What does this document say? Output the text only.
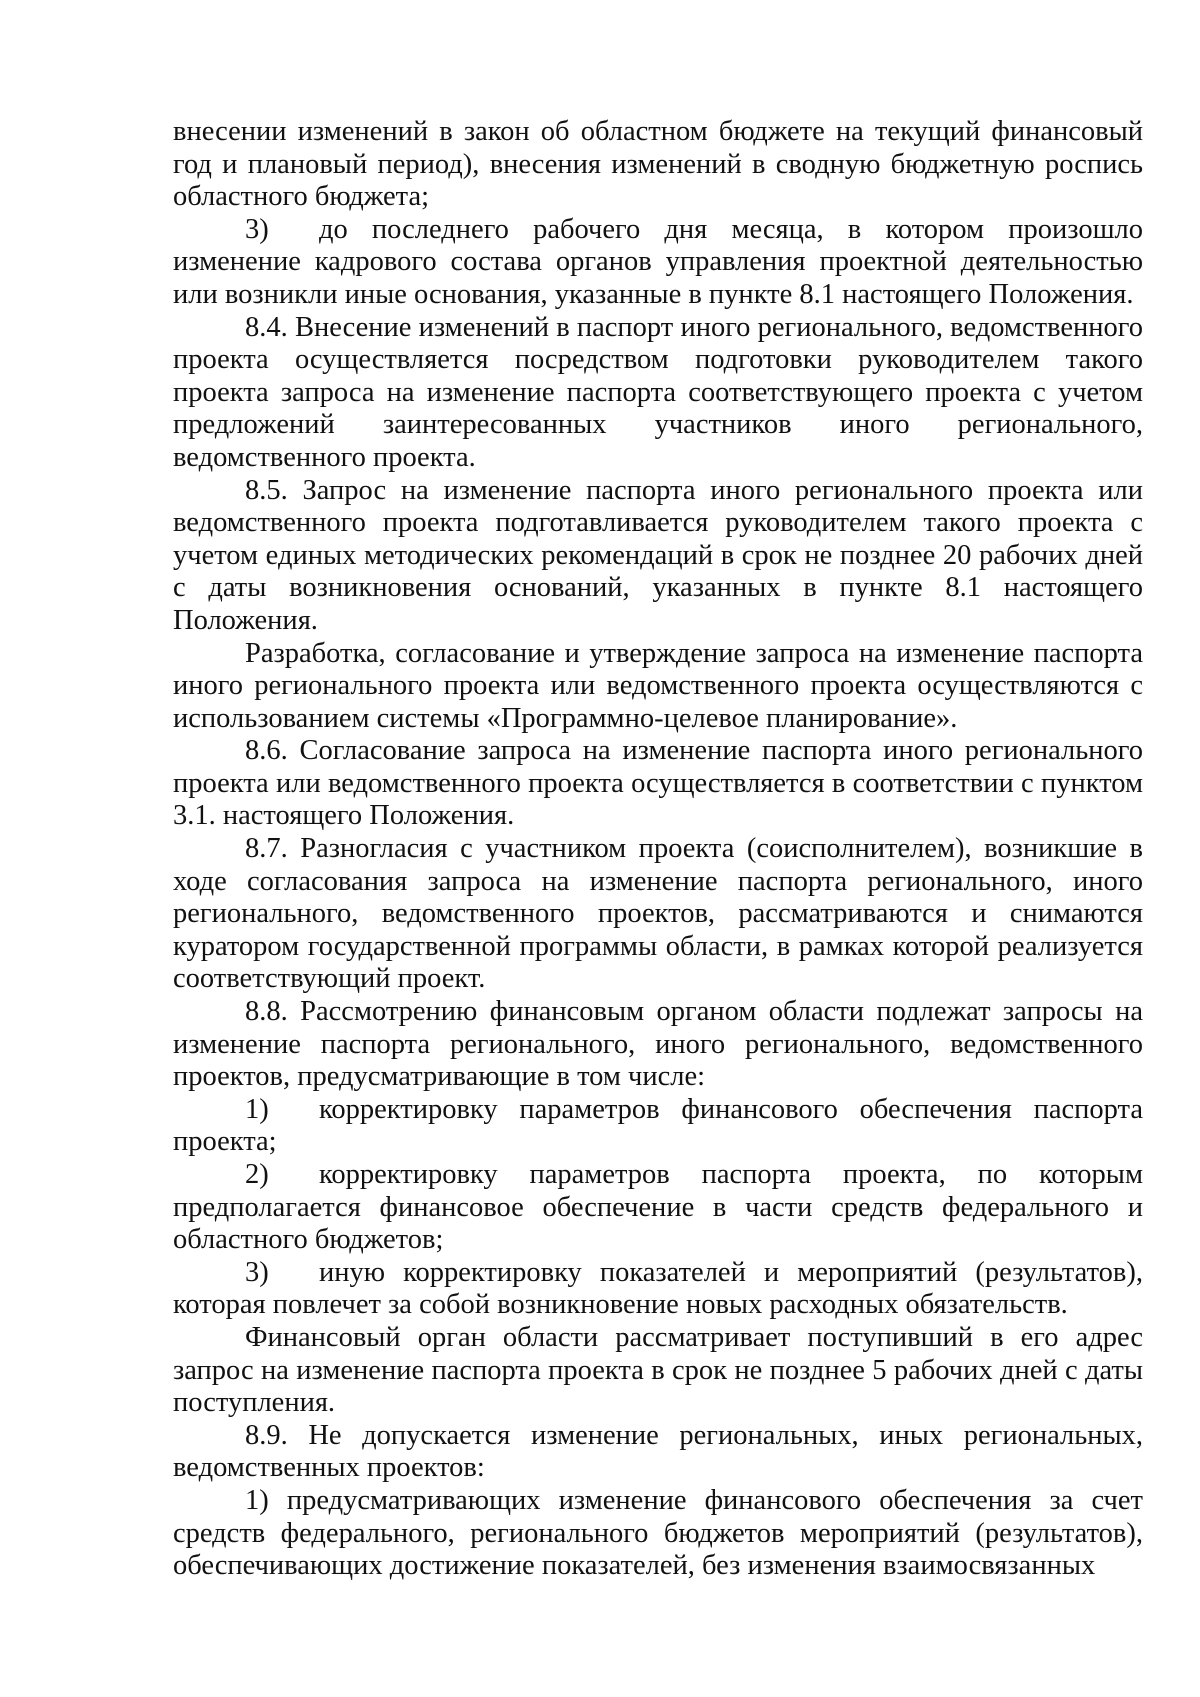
внесении изменений в закон об областном бюджете на текущий финансовый год и плановый период), внесения изменений в сводную бюджетную роспись областного бюджета;

3) до последнего рабочего дня месяца, в котором произошло изменение кадрового состава органов управления проектной деятельностью или возникли иные основания, указанные в пункте 8.1 настоящего Положения.

8.4. Внесение изменений в паспорт иного регионального, ведомственного проекта осуществляется посредством подготовки руководителем такого проекта запроса на изменение паспорта соответствующего проекта с учетом предложений заинтересованных участников иного регионального, ведомственного проекта.

8.5. Запрос на изменение паспорта иного регионального проекта или ведомственного проекта подготавливается руководителем такого проекта с учетом единых методических рекомендаций в срок не позднее 20 рабочих дней с даты возникновения оснований, указанных в пункте 8.1 настоящего Положения.

Разработка, согласование и утверждение запроса на изменение паспорта иного регионального проекта или ведомственного проекта осуществляются с использованием системы «Программно-целевое планирование».

8.6. Согласование запроса на изменение паспорта иного регионального проекта или ведомственного проекта осуществляется в соответствии с пунктом 3.1. настоящего Положения.

8.7. Разногласия с участником проекта (соисполнителем), возникшие в ходе согласования запроса на изменение паспорта регионального, иного регионального, ведомственного проектов, рассматриваются и снимаются куратором государственной программы области, в рамках которой реализуется соответствующий проект.

8.8. Рассмотрению финансовым органом области подлежат запросы на изменение паспорта регионального, иного регионального, ведомственного проектов, предусматривающие в том числе:

1) корректировку параметров финансового обеспечения паспорта проекта;

2) корректировку параметров паспорта проекта, по которым предполагается финансовое обеспечение в части средств федерального и областного бюджетов;

3) иную корректировку показателей и мероприятий (результатов), которая повлечет за собой возникновение новых расходных обязательств.

Финансовый орган области рассматривает поступивший в его адрес запрос на изменение паспорта проекта в срок не позднее 5 рабочих дней с даты поступления.

8.9. Не допускается изменение региональных, иных региональных, ведомственных проектов:

1) предусматривающих изменение финансового обеспечения за счет средств федерального, регионального бюджетов мероприятий (результатов), обеспечивающих достижение показателей, без изменения взаимосвязанных
